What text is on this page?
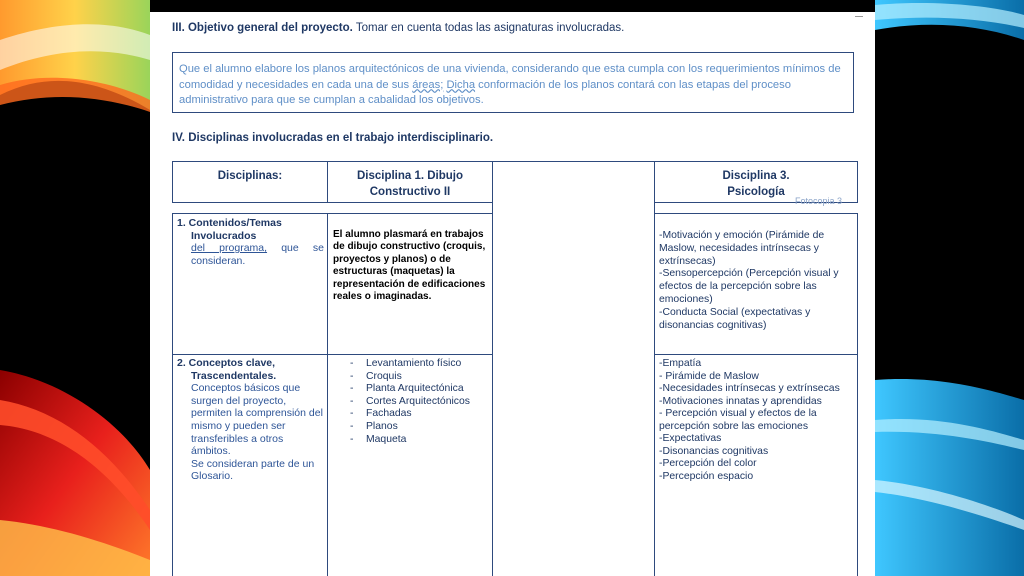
III. Objetivo general del proyecto. Tomar en cuenta todas las asignaturas involucradas.
Que el alumno elabore los planos arquitectónicos de una vivienda, considerando que esta cumpla con los requerimientos mínimos de comodidad y necesidades en cada una de sus áreas; Dicha conformación de los planos contará con las etapas del proceso administrativo para que se cumplan a cabalidad los objetivos.
IV. Disciplinas involucradas en el trabajo interdisciplinario.
Disciplinas:	Disciplina 1. Dibujo Constructivo II
Disciplina 3. Psicología
Fotocopia 3
1. Contenidos/Temas Involucrados
del programa, que se consideran.
El alumno plasmará en trabajos de dibujo constructivo (croquis, proyectos y planos) o de estructuras (maquetas) la representación de edificaciones reales o imaginadas.
-Motivación y emoción (Pirámide de Maslow, necesidades intrínsecas y extrínsecas)
-Sensopercepción (Percepción visual y efectos de la percepción sobre las emociones)
-Conducta Social (expectativas y disonancias cognitivas)
2. Conceptos clave, Trascendentales.
Conceptos básicos que surgen del proyecto, permiten la comprensión del mismo y pueden ser transferibles a otros ámbitos.
Se consideran parte de un Glosario.
- Levantamiento físico
- Croquis
- Planta Arquitectónica
- Cortes Arquitectónicos
- Fachadas
- Planos
- Maqueta
-Empatía
- Pirámide de Maslow
-Necesidades intrínsecas y extrínsecas
-Motivaciones innatas y aprendidas
- Percepción visual y efectos de la percepción sobre las emociones
-Expectativas
-Disonancias cognitivas
-Percepción del color
-Percepción espacio
